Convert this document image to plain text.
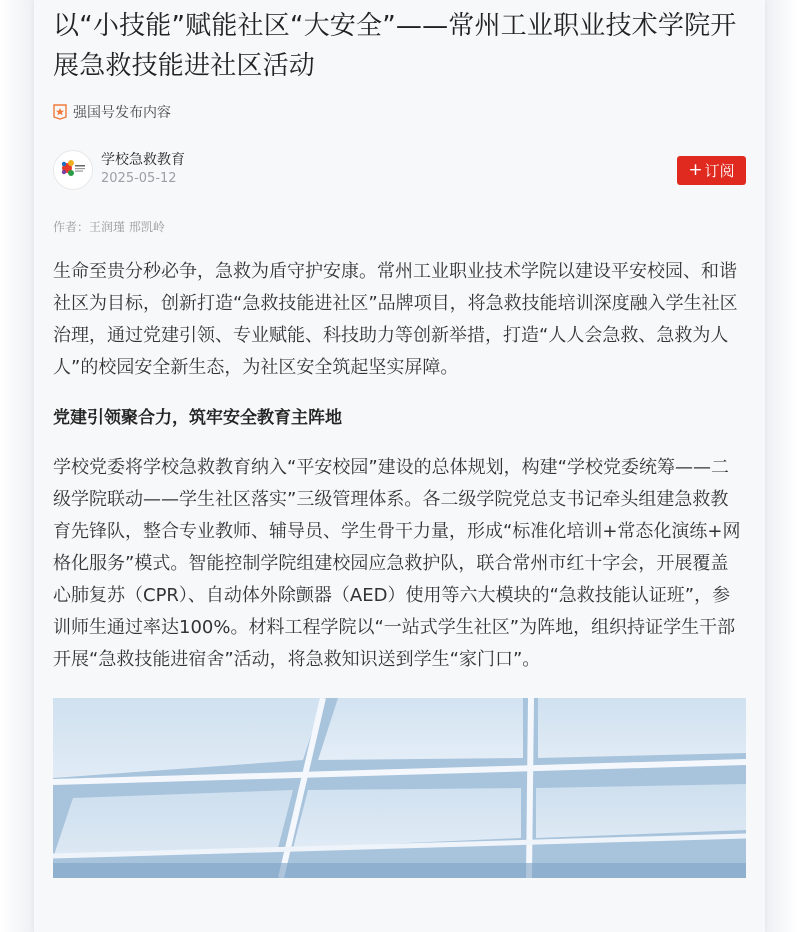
以“小技能”赋能社区“大安全”——常州工业职业技术学院开展急救技能进社区活动
强国号发布内容
学校急救教育
2025-05-12	+ 订阅
作者：王润瑾 邢凯岭

生命至贵分秒必争，急救为盾守护安康。常州工业职业技术学院以建设平安校园、和谐社区为目标，创新打造“急救技能进社区”品牌项目，将急救技能培训深度融入学生社区治理，通过党建引领、专业赋能、科技助力等创新举措，打造“人人会急救、急救为人人”的校园安全新生态，为社区安全筑起坚实屏障。

党建引领聚合力，筑牢安全教育主阵地

学校党委将学校急救教育纳入“平安校园”建设的总体规划，构建“学校党委统筹——二级学院联动——学生社区落实”三级管理体系。各二级学院党总支书记牵头组建急救教育先锋队，整合专业教师、辅导员、学生骨干力量，形成“标准化培训+常态化演练+网格化服务”模式。智能控制学院组建校园应急救护队，联合常州市红十字会，开展覆盖心肺复苏（CPR）、自动体外除颤器（AED）使用等六大模块的“急救技能认证班”，参训师生通过率达100%。材料工程学院以“一站式学生社区”为阵地，组织持证学生干部开展“急救技能进宿舍”活动，将急救知识送到学生“家门口”。
